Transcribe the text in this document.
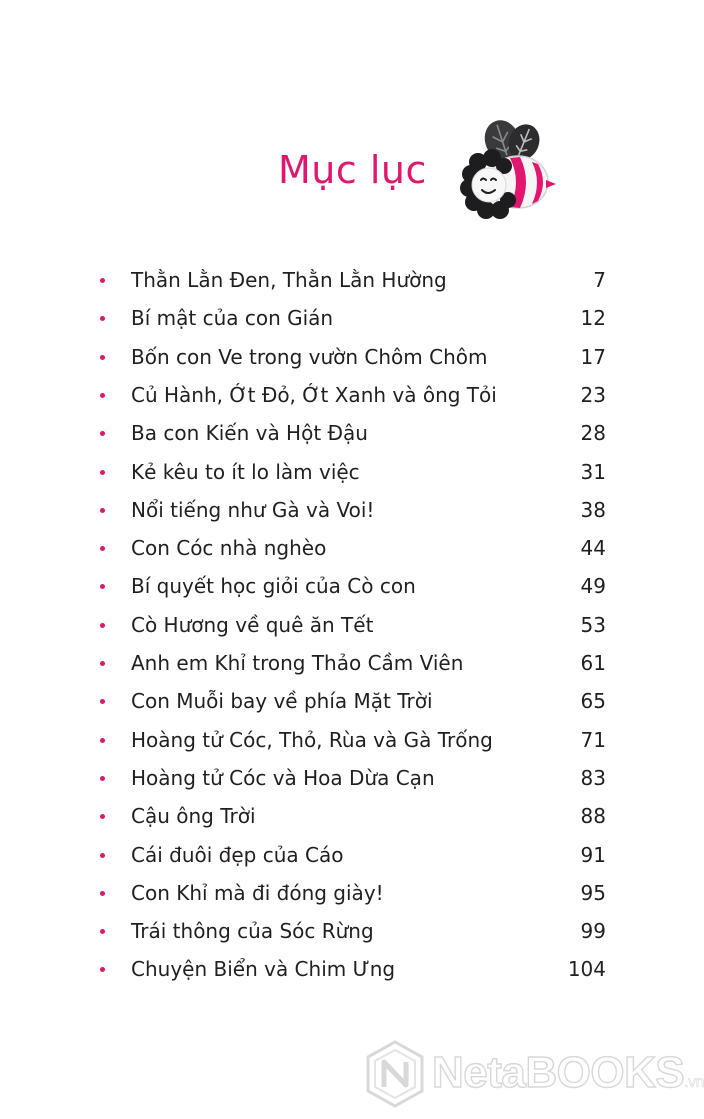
Mục lục
Thằn Lằn Đen, Thằn Lằn Hường	7
Bí mật của con Gián	12
Bốn con Ve trong vườn Chôm Chôm	17
Củ Hành, Ớt Đỏ, Ớt Xanh và ông Tỏi	23
Ba con Kiến và Hột Đậu	28
Kẻ kêu to ít lo làm việc	31
Nổi tiếng như Gà và Voi!	38
Con Cóc nhà nghèo	44
Bí quyết học giỏi của Cò con	49
Cò Hương về quê ăn Tết	53
Anh em Khỉ trong Thảo Cầm Viên	61
Con Muỗi bay về phía Mặt Trời	65
Hoàng tử Cóc, Thỏ, Rùa và Gà Trống	71
Hoàng tử Cóc và Hoa Dừa Cạn	83
Cậu ông Trời	88
Cái đuôi đẹp của Cáo	91
Con Khỉ mà đi đóng giày!	95
Trái thông của Sóc Rừng	99
Chuyện Biển và Chim Ưng	104
NetaBOOKS.vn
